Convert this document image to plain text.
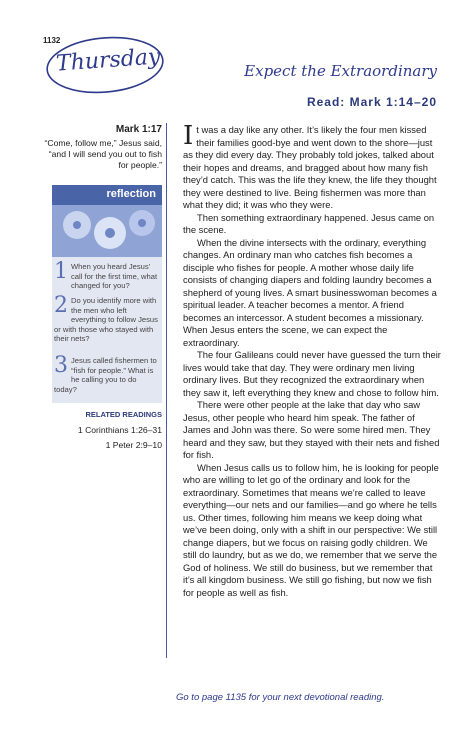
1132
Thursday	Expect the Extraordinary
Read: Mark 1:14–20
Mark 1:17
“Come, follow me,” Jesus said, “and I will send you out to fish for people.”
reflection
1 When you heard Jesus’ call for the first time, what changed for you?
2 Do you identify more with the men who left everything to follow Jesus or with those who stayed with their nets?
3 Jesus called fishermen to “fish for people.” What is he calling you to do today?
RELATED READINGS
1 Corinthians 1:26–31
1 Peter 2:9–10

It was a day like any other. It’s likely the four men kissed their families good-bye and went down to the shore—just as they did every day. They probably told jokes, talked about their hopes and dreams, and bragged about how many fish they’d catch. This was the life they knew, the life they thought they were destined to live. Being fishermen was more than what they did; it was who they were.

Then something extraordinary happened. Jesus came on the scene.

When the divine intersects with the ordinary, everything changes. An ordinary man who catches fish becomes a disciple who fishes for people. A mother whose daily life consists of changing diapers and folding laundry becomes a shepherd of young lives. A smart businesswoman becomes a spiritual leader. A teacher becomes a mentor. A friend becomes an intercessor. A student becomes a missionary. When Jesus enters the scene, we can expect the extraordinary.

The four Galileans could never have guessed the turn their lives would take that day. They were ordinary men living ordinary lives. But they recognized the extraordinary when they saw it, left everything they knew and chose to follow him.

There were other people at the lake that day who saw Jesus, other people who heard him speak. The father of James and John was there. So were some hired men. They heard and they saw, but they stayed with their nets and fished for fish.

When Jesus calls us to follow him, he is looking for people who are willing to let go of the ordinary and look for the extraordinary. Sometimes that means we’re called to leave everything—our nets and our families—and go where he tells us. Other times, following him means we keep doing what we’ve been doing, only with a shift in our perspective: We still change diapers, but we focus on raising godly children. We still do laundry, but as we do, we remember that we serve the God of holiness. We still do business, but we remember that it’s all kingdom business. We still go fishing, but now we fish for people as well as fish.

Go to page 1135 for your next devotional reading.
